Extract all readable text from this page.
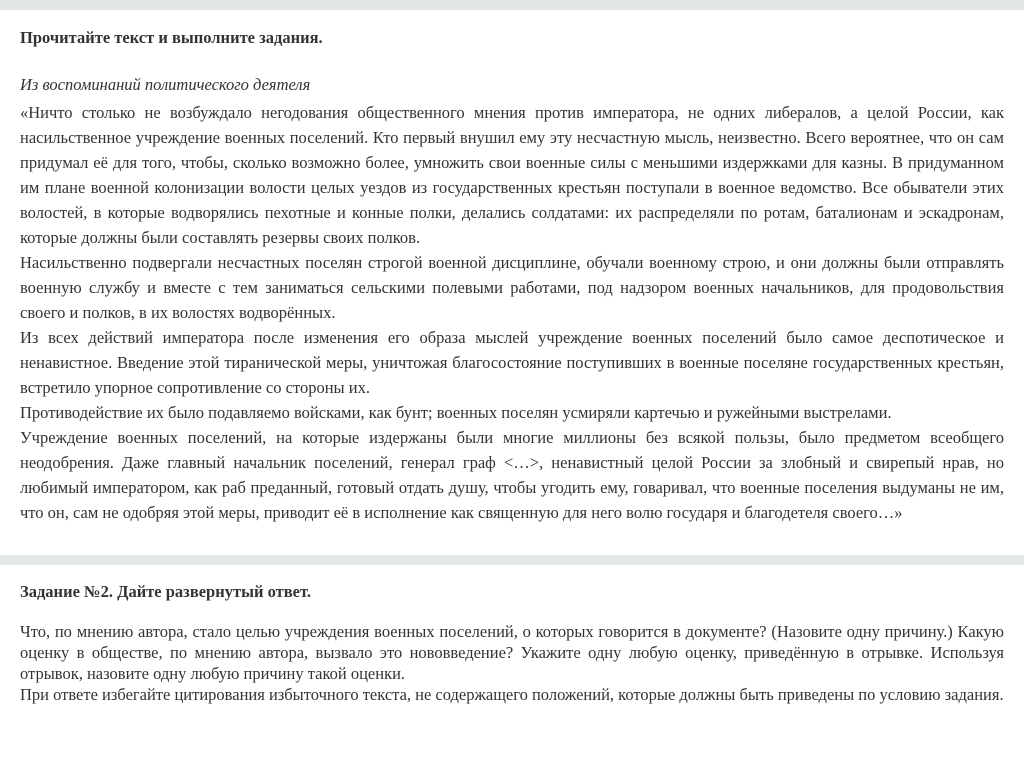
Прочитайте текст и выполните задания.

Из воспоминаний политического деятеля

«Ничто столько не возбуждало негодования общественного мнения против императора, не одних либералов, а целой России, как насильственное учреждение военных поселений. Кто первый внушил ему эту несчастную мысль, неизвестно. Всего вероятнее, что он сам придумал её для того, чтобы, сколько возможно более, умножить свои военные силы с меньшими издержками для казны. В придуманном им плане военной колонизации волости целых уездов из государственных крестьян поступали в военное ведомство. Все обыватели этих волостей, в которые водворялись пехотные и конные полки, делались солдатами: их распределяли по ротам, баталионам и эскадронам, которые должны были составлять резервы своих полков.

Насильственно подвергали несчастных поселян строгой военной дисциплине, обучали военному строю, и они должны были отправлять военную службу и вместе с тем заниматься сельскими полевыми работами, под надзором военных начальников, для продовольствия своего и полков, в их волостях водворённых.

Из всех действий императора после изменения его образа мыслей учреждение военных поселений было самое деспотическое и ненавистное. Введение этой тиранической меры, уничтожая благосостояние поступивших в военные поселяне государственных крестьян, встретило упорное сопротивление со стороны их.

Противодействие их было подавляемо войсками, как бунт; военных поселян усмиряли картечью и ружейными выстрелами.

Учреждение военных поселений, на которые издержаны были многие миллионы без всякой пользы, было предметом всеобщего неодобрения. Даже главный начальник поселений, генерал граф <…>, ненавистный целой России за злобный и свирепый нрав, но любимый императором, как раб преданный, готовый отдать душу, чтобы угодить ему, говаривал, что военные поселения выдуманы не им, что он, сам не одобряя этой меры, приводит её в исполнение как священную для него волю государя и благодетеля своего…»

Задание №2. Дайте развернутый ответ.

Что, по мнению автора, стало целью учреждения военных поселений, о которых говорится в документе? (Назовите одну причину.) Какую оценку в обществе, по мнению автора, вызвало это нововведение? Укажите одну любую оценку, приведённую в отрывке. Используя отрывок, назовите одну любую причину такой оценки.

При ответе избегайте цитирования избыточного текста, не содержащего положений, которые должны быть приведены по условию задания.
